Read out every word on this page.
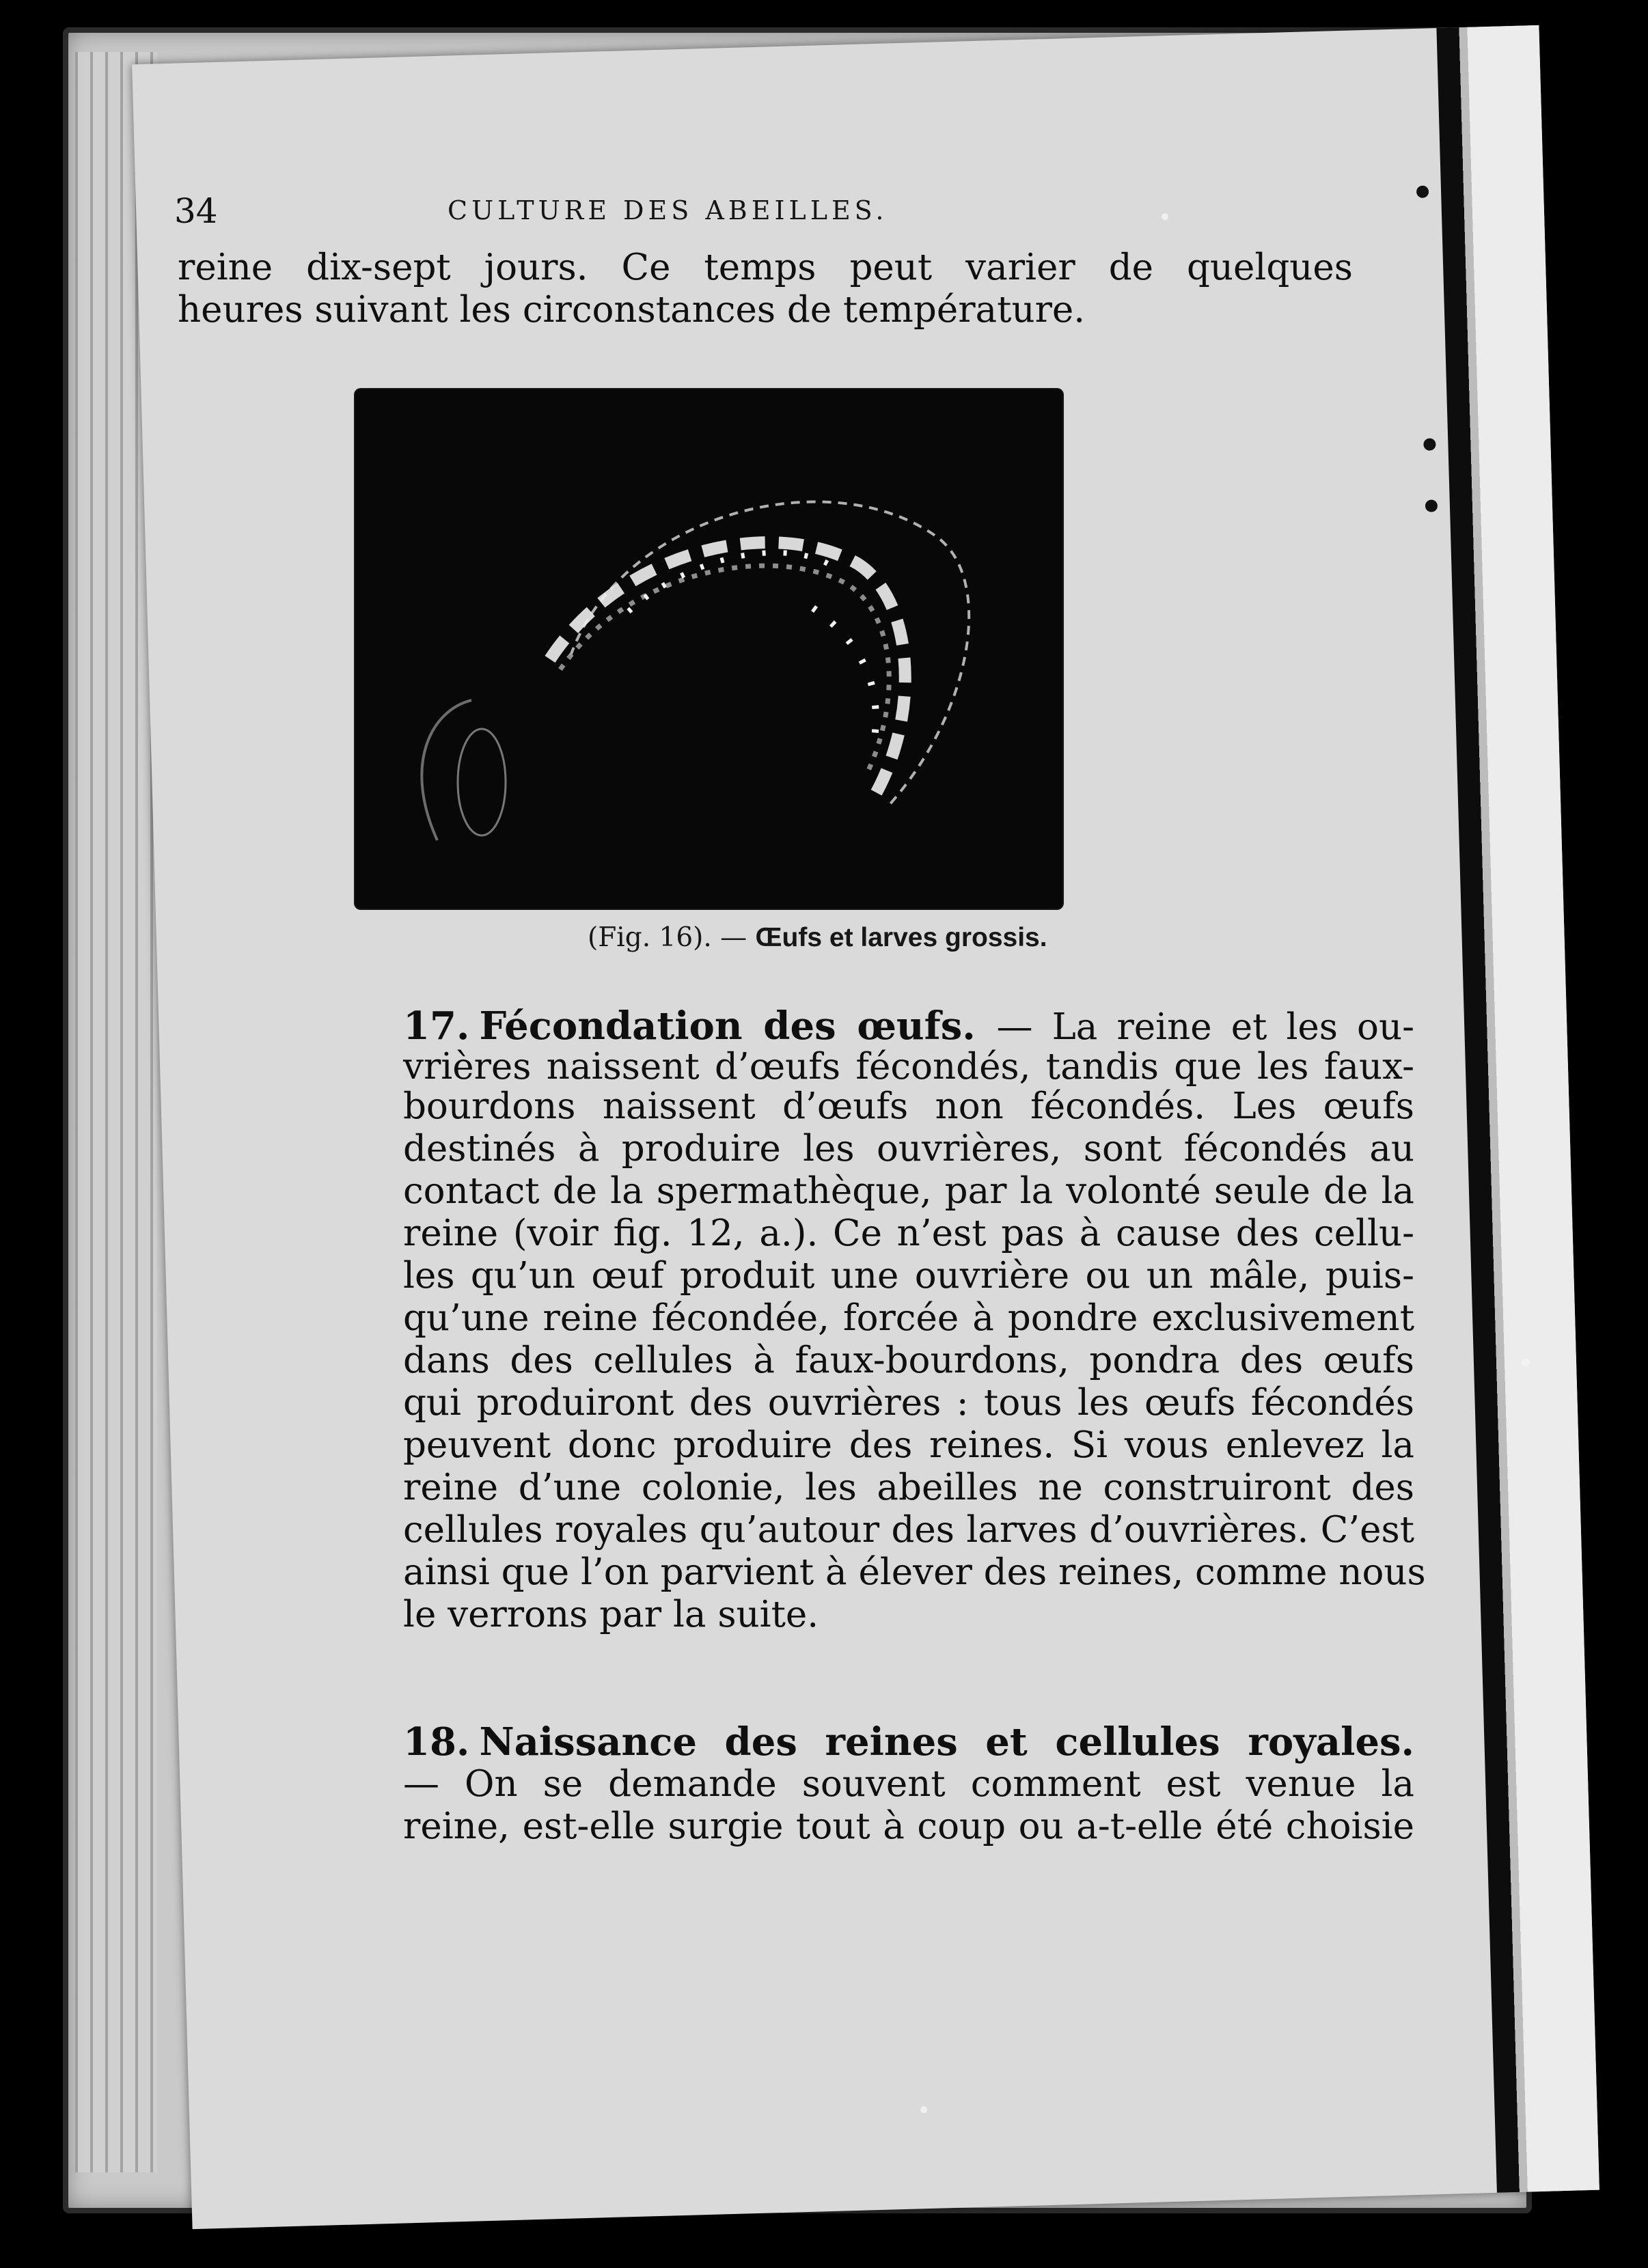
34	CULTURE DES ABEILLES.
reine dix-sept jours. Ce temps peut varier de quelques
heures suivant les circonstances de température.
(Fig. 16). — Œufs et larves grossis.
17. Fécondation des œufs. — La reine et les ou-
vrières naissent d’œufs fécondés, tandis que les faux-
bourdons naissent d’œufs non fécondés. Les œufs
destinés à produire les ouvrières, sont fécondés au
contact de la spermathèque, par la volonté seule de la
reine (voir fig. 12, a.). Ce n’est pas à cause des cellu-
les qu’un œuf produit une ouvrière ou un mâle, puis-
qu’une reine fécondée, forcée à pondre exclusivement
dans des cellules à faux-bourdons, pondra des œufs
qui produiront des ouvrières : tous les œufs fécondés
peuvent donc produire des reines. Si vous enlevez la
reine d’une colonie, les abeilles ne construiront des
cellules royales qu’autour des larves d’ouvrières. C’est
ainsi que l’on parvient à élever des reines, comme nous
le verrons par la suite.
18. Naissance des reines et cellules royales.
— On se demande souvent comment est venue la
reine, est-elle surgie tout à coup ou a-t-elle été choisie
